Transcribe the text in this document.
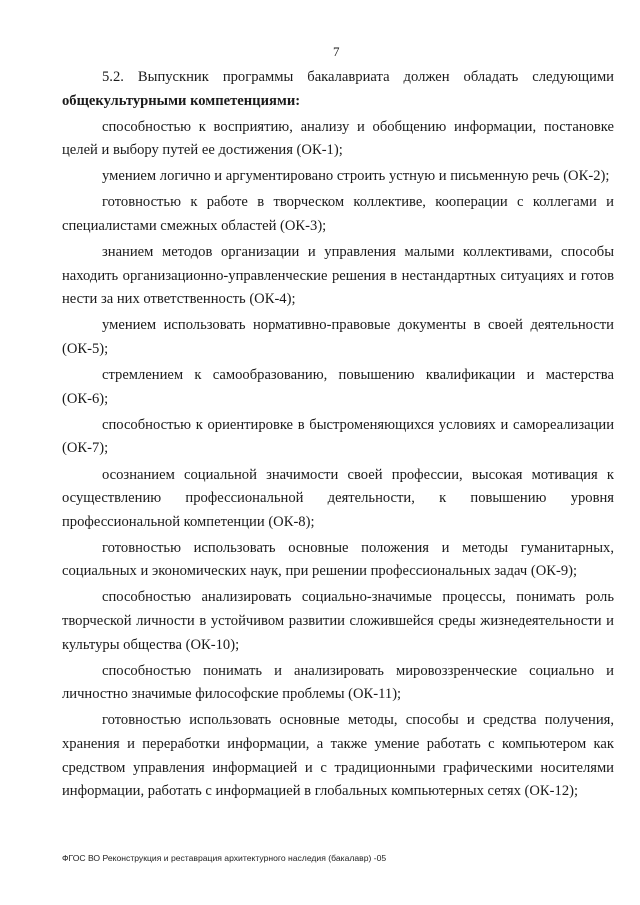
7

5.2. Выпускник программы бакалавриата должен обладать следующими

общекультурными компетенциями:

способностью к восприятию, анализу и обобщению информации, постановке целей и выбору путей ее достижения (ОК-1);

умением логично и аргументировано строить устную и письменную речь (ОК-2);

готовностью к работе в творческом коллективе, кооперации с коллегами и специалистами смежных областей (ОК-3);

знанием методов организации и управления малыми коллективами, способы находить организационно-управленческие решения в нестандартных ситуациях и готов нести за них ответственность (ОК-4);

умением использовать нормативно-правовые документы в своей деятельности (ОК-5);

стремлением к самообразованию, повышению квалификации и мастерства (ОК-6);

способностью к ориентировке в быстроменяющихся условиях и самореализации (ОК-7);

осознанием социальной значимости своей профессии, высокая мотивация к осуществлению профессиональной деятельности, к повышению уровня профессиональной компетенции (ОК-8);

готовностью использовать основные положения и методы гуманитарных, социальных и экономических наук, при решении профессиональных задач (ОК-9);

способностью анализировать социально-значимые процессы, понимать роль творческой личности в устойчивом развитии сложившейся среды жизнедеятельности и культуры общества (ОК-10);

способностью понимать и анализировать мировоззренческие социально и личностно значимые философские проблемы (ОК-11);

готовностью использовать основные методы, способы и средства получения, хранения и переработки информации, а также умение работать с компьютером как средством управления информацией и с традиционными графическими носителями информации, работать с информацией в глобальных компьютерных сетях (ОК-12);

ФГОС ВО Реконструкция и реставрация архитектурного наследия (бакалавр) -05
